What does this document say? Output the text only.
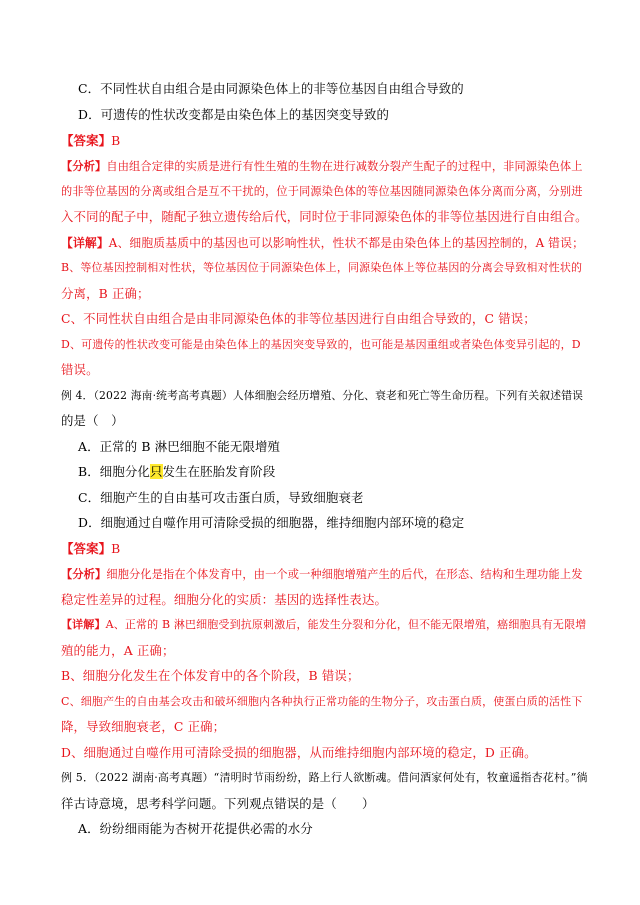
C．不同性状自由组合是由同源染色体上的非等位基因自由组合导致的
D．可遗传的性状改变都是由染色体上的基因突变导致的
【答案】B
【分析】自由组合定律的实质是进行有性生殖的生物在进行减数分裂产生配子的过程中，非同源染色体上
的非等位基因的分离或组合是互不干扰的，位于同源染色体的等位基因随同源染色体分离而分离，分别进
入不同的配子中，随配子独立遗传给后代，同时位于非同源染色体的非等位基因进行自由组合。
【详解】A、细胞质基质中的基因也可以影响性状，性状不都是由染色体上的基因控制的，A 错误；
B、等位基因控制相对性状，等位基因位于同源染色体上，同源染色体上等位基因的分离会导致相对性状的
分离，B 正确；
C、不同性状自由组合是由非同源染色体的非等位基因进行自由组合导致的，C 错误；
D、可遗传的性状改变可能是由染色体上的基因突变导致的，也可能是基因重组或者染色体变异引起的，D
错误。
例 4．（2022 海南·统考高考真题）人体细胞会经历增殖、分化、衰老和死亡等生命历程。下列有关叙述错误
的是（　）
A．正常的 B 淋巴细胞不能无限增殖
B．细胞分化只发生在胚胎发育阶段
C．细胞产生的自由基可攻击蛋白质，导致细胞衰老
D．细胞通过自噬作用可清除受损的细胞器，维持细胞内部环境的稳定
【答案】B
【分析】细胞分化是指在个体发育中，由一个或一种细胞增殖产生的后代，在形态、结构和生理功能上发
稳定性差异的过程。细胞分化的实质：基因的选择性表达。
【详解】A、正常的 B 淋巴细胞受到抗原刺激后，能发生分裂和分化，但不能无限增殖，癌细胞具有无限增
殖的能力，A 正确；
B、细胞分化发生在个体发育中的各个阶段，B 错误；
C、细胞产生的自由基会攻击和破坏细胞内各种执行正常功能的生物分子，攻击蛋白质，使蛋白质的活性下
降，导致细胞衰老，C 正确；
D、细胞通过自噬作用可清除受损的细胞器，从而维持细胞内部环境的稳定，D 正确。
例 5．（2022 湖南·高考真题）“清明时节雨纷纷，路上行人欲断魂。借问酒家何处有，牧童遥指杏花村。”徜
徉古诗意境，思考科学问题。下列观点错误的是（　　）
A．纷纷细雨能为杏树开花提供必需的水分
